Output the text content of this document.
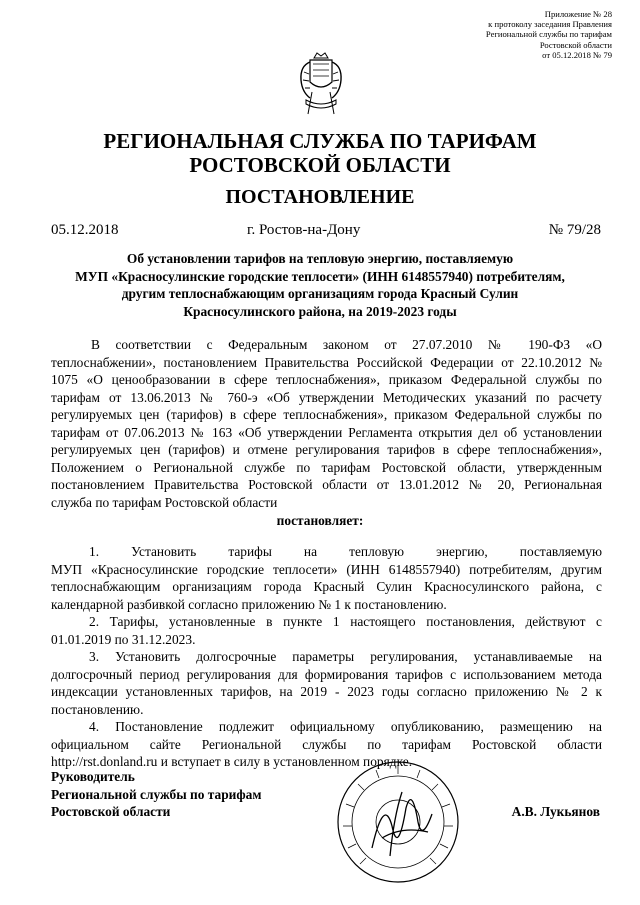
Приложение № 28
к протоколу заседания Правления
Региональной службы по тарифам
Ростовской области
от 05.12.2018 № 79
РЕГИОНАЛЬНАЯ СЛУЖБА ПО ТАРИФАМ
РОСТОВСКОЙ ОБЛАСТИ
ПОСТАНОВЛЕНИЕ
05.12.2018	г. Ростов-на-Дону	№ 79/28
Об установлении тарифов на тепловую энергию, поставляемую
МУП «Красносулинские городские теплосети» (ИНН 6148557940) потребителям,
другим теплоснабжающим организациям города Красный Сулин
Красносулинского района, на 2019-2023 годы
В соответствии с Федеральным законом от 27.07.2010 № 190-ФЗ «О
теплоснабжении», постановлением Правительства Российской Федерации от 22.10.2012 №
1075 «О ценообразовании в сфере теплоснабжения», приказом Федеральной службы по
тарифам от 13.06.2013 № 760-э «Об утверждении Методических указаний по расчету
регулируемых цен (тарифов) в сфере теплоснабжения», приказом Федеральной службы по
тарифам от 07.06.2013 № 163 «Об утверждении Регламента открытия дел об установлении
регулируемых цен (тарифов) и отмене регулирования тарифов в сфере теплоснабжения»,
Положением о Региональной службе по тарифам Ростовской области, утвержденным
постановлением Правительства Ростовской области от 13.01.2012 № 20, Региональная
служба по тарифам Ростовской области
постановляет:
1. Установить тарифы на тепловую энергию, поставляемую
МУП «Красносулинские городские теплосети» (ИНН 6148557940) потребителям, другим
теплоснабжающим организациям города Красный Сулин Красносулинского района, с
календарной разбивкой согласно приложению № 1 к постановлению.
2. Тарифы, установленные в пункте 1 настоящего постановления, действуют с
01.01.2019 по 31.12.2023.
3. Установить долгосрочные параметры регулирования, устанавливаемые на
долгосрочный период регулирования для формирования тарифов с использованием метода
индексации установленных тарифов, на 2019 - 2023 годы согласно приложению № 2 к
постановлению.
4. Постановление подлежит официальному опубликованию, размещению на
официальном сайте Региональной службы по тарифам Ростовской области
http://rst.donland.ru и вступает в силу в установленном порядке.
Руководитель
Региональной службы по тарифам
Ростовской области	А.В. Лукьянов
